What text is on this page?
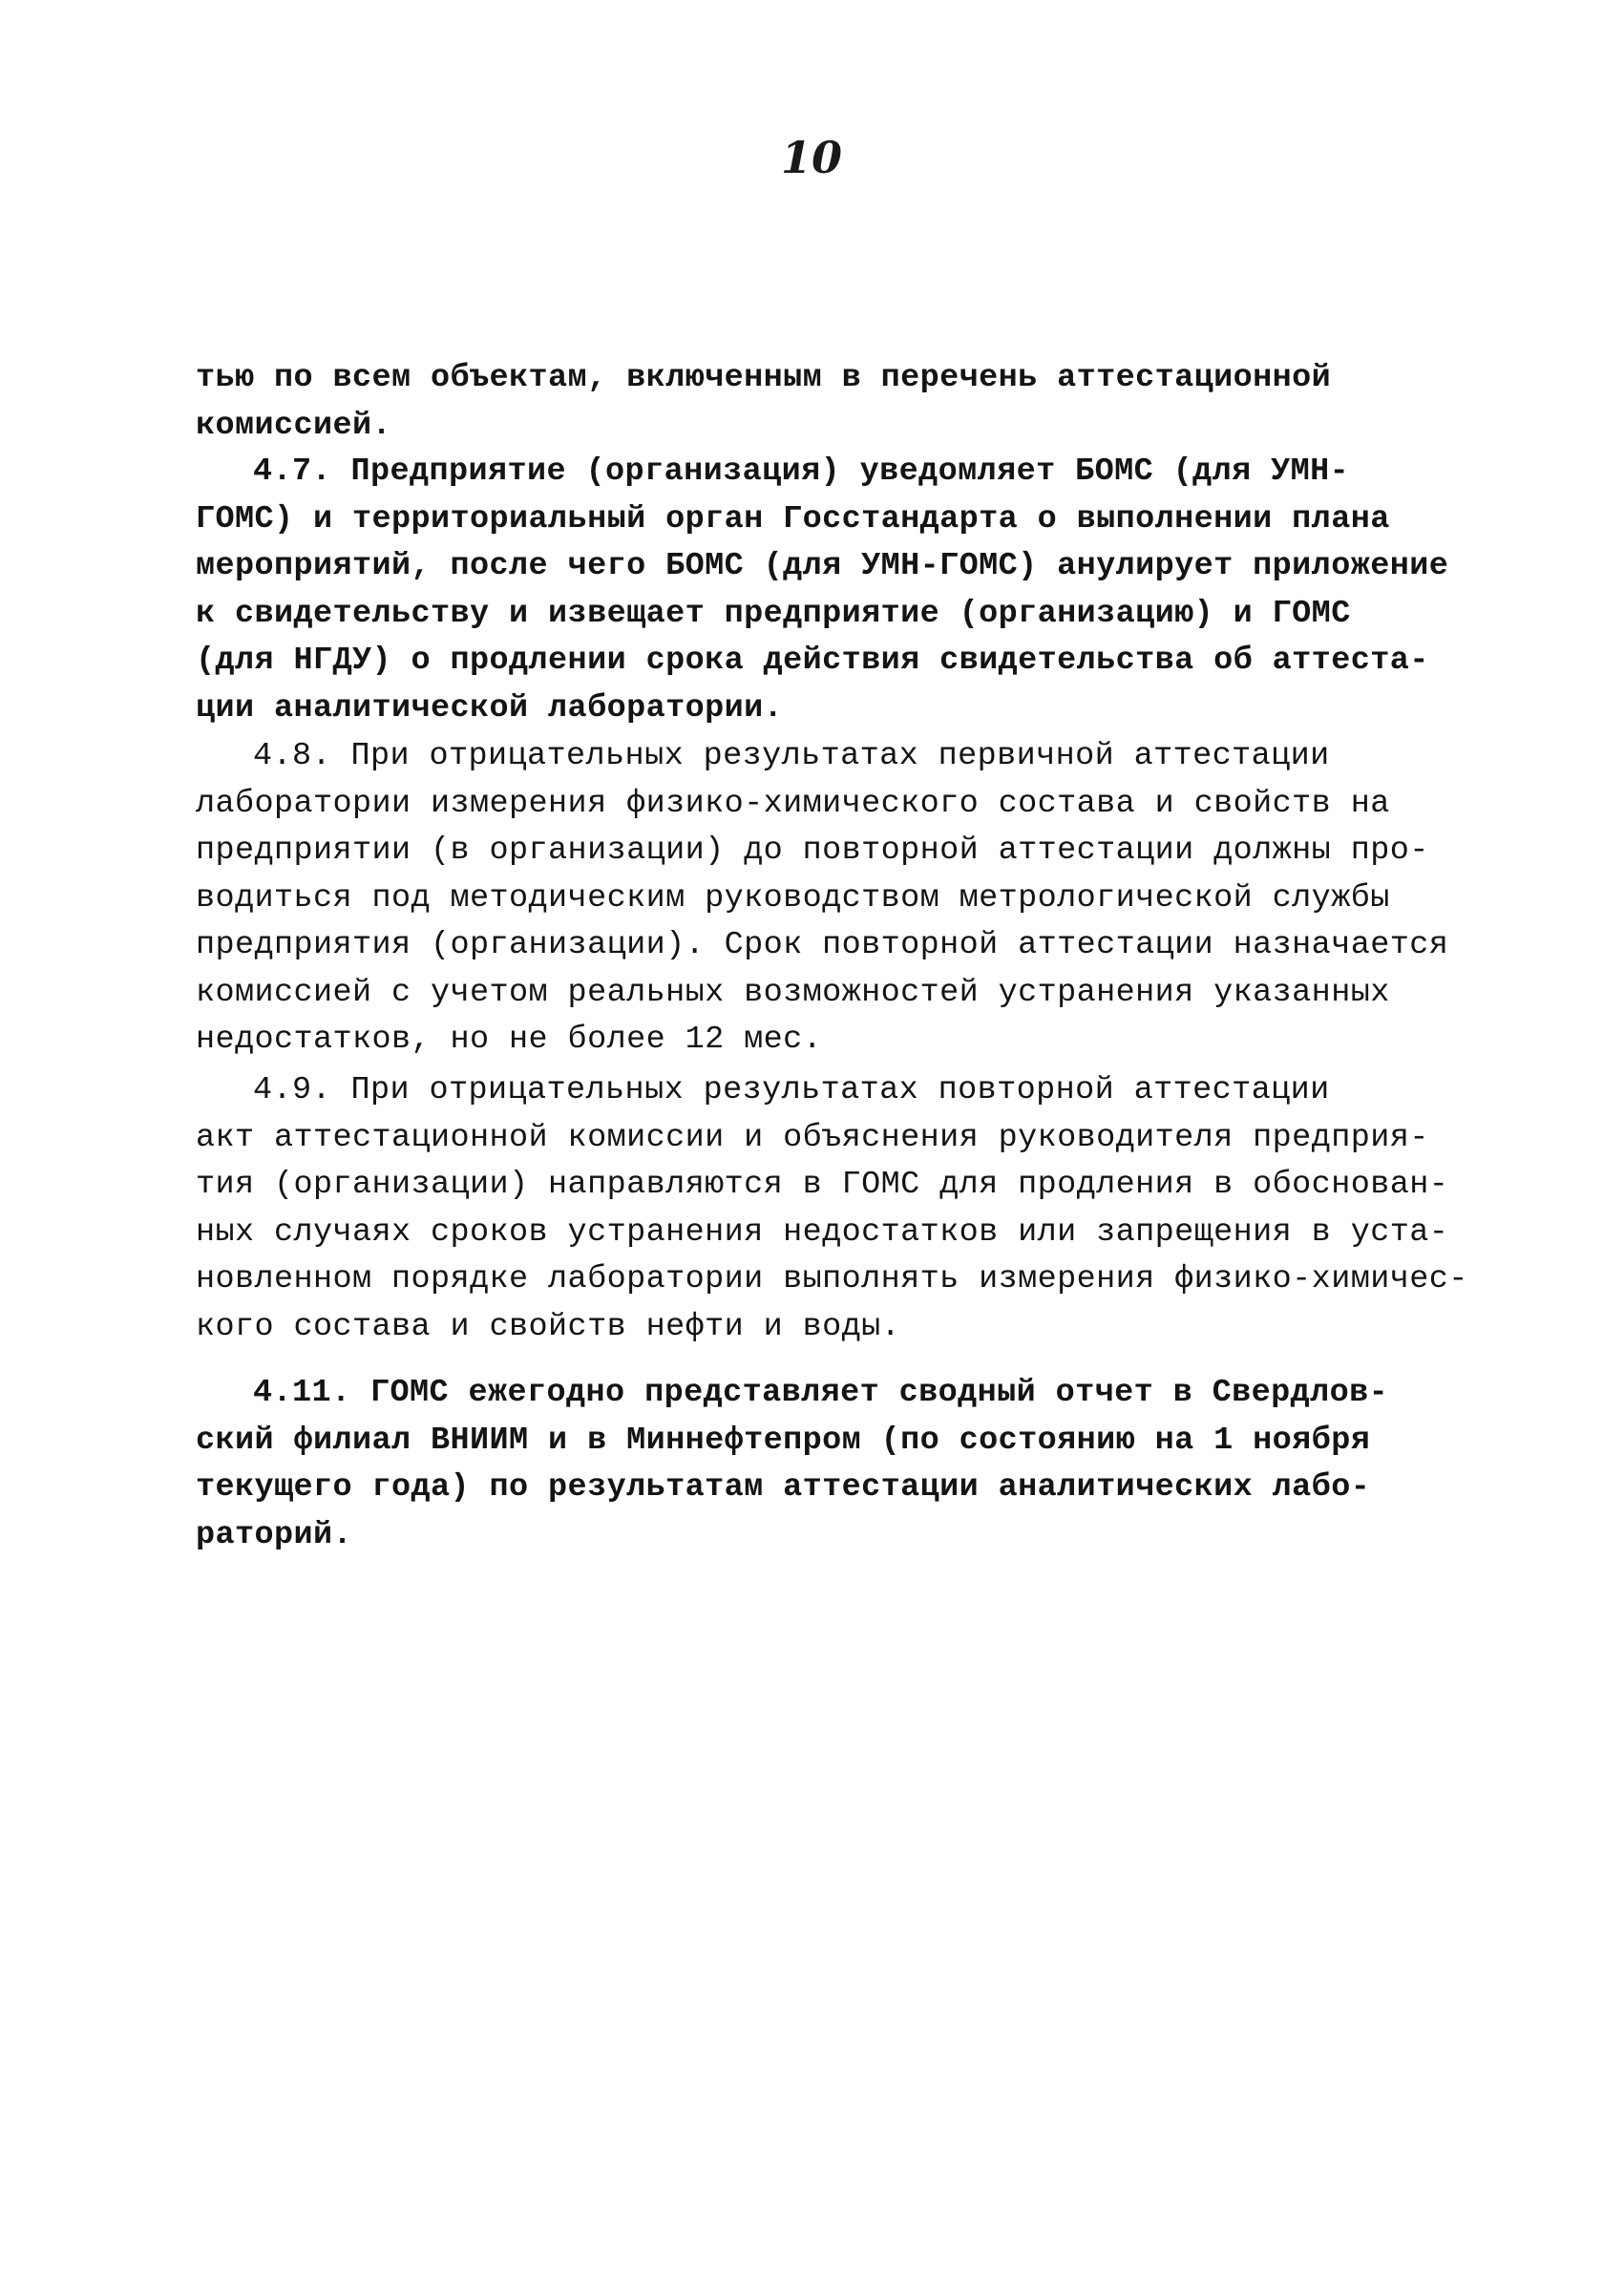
10
тью по всем объектам, включенным в перечень аттестационной
комиссией.
4.7. Предприятие (организация) уведомляет БОМС (для УМН-
ГОМС) и территориальный орган Госстандарта о выполнении плана
мероприятий, после чего БОМС (для УМН-ГОМС) анулирует приложение
к свидетельству и извещает предприятие (организацию) и ГОМС
(для НГДУ) о продлении срока действия свидетельства об аттеста-
ции аналитической лаборатории.
4.8. При отрицательных результатах первичной аттестации
лаборатории измерения физико-химического состава и свойств на
предприятии (в организации) до повторной аттестации должны про-
водиться под методическим руководством метрологической службы
предприятия (организации). Срок повторной аттестации назначается
комиссией с учетом реальных возможностей устранения указанных
недостатков, но не более 12 мес.
4.9. При отрицательных результатах повторной аттестации
акт аттестационной комиссии и объяснения руководителя предприя-
тия (организации) направляются в ГОМС для продления в обоснован-
ных случаях сроков устранения недостатков или запрещения в уста-
новленном порядке лаборатории выполнять измерения физико-химичес-
кого состава и свойств нефти и воды.
4.11. ГОМС ежегодно представляет сводный отчет в Свердлов-
ский филиал ВНИИМ и в Миннефтепром (по состоянию на 1 ноября
текущего года) по результатам аттестации аналитических лабо-
раторий.
